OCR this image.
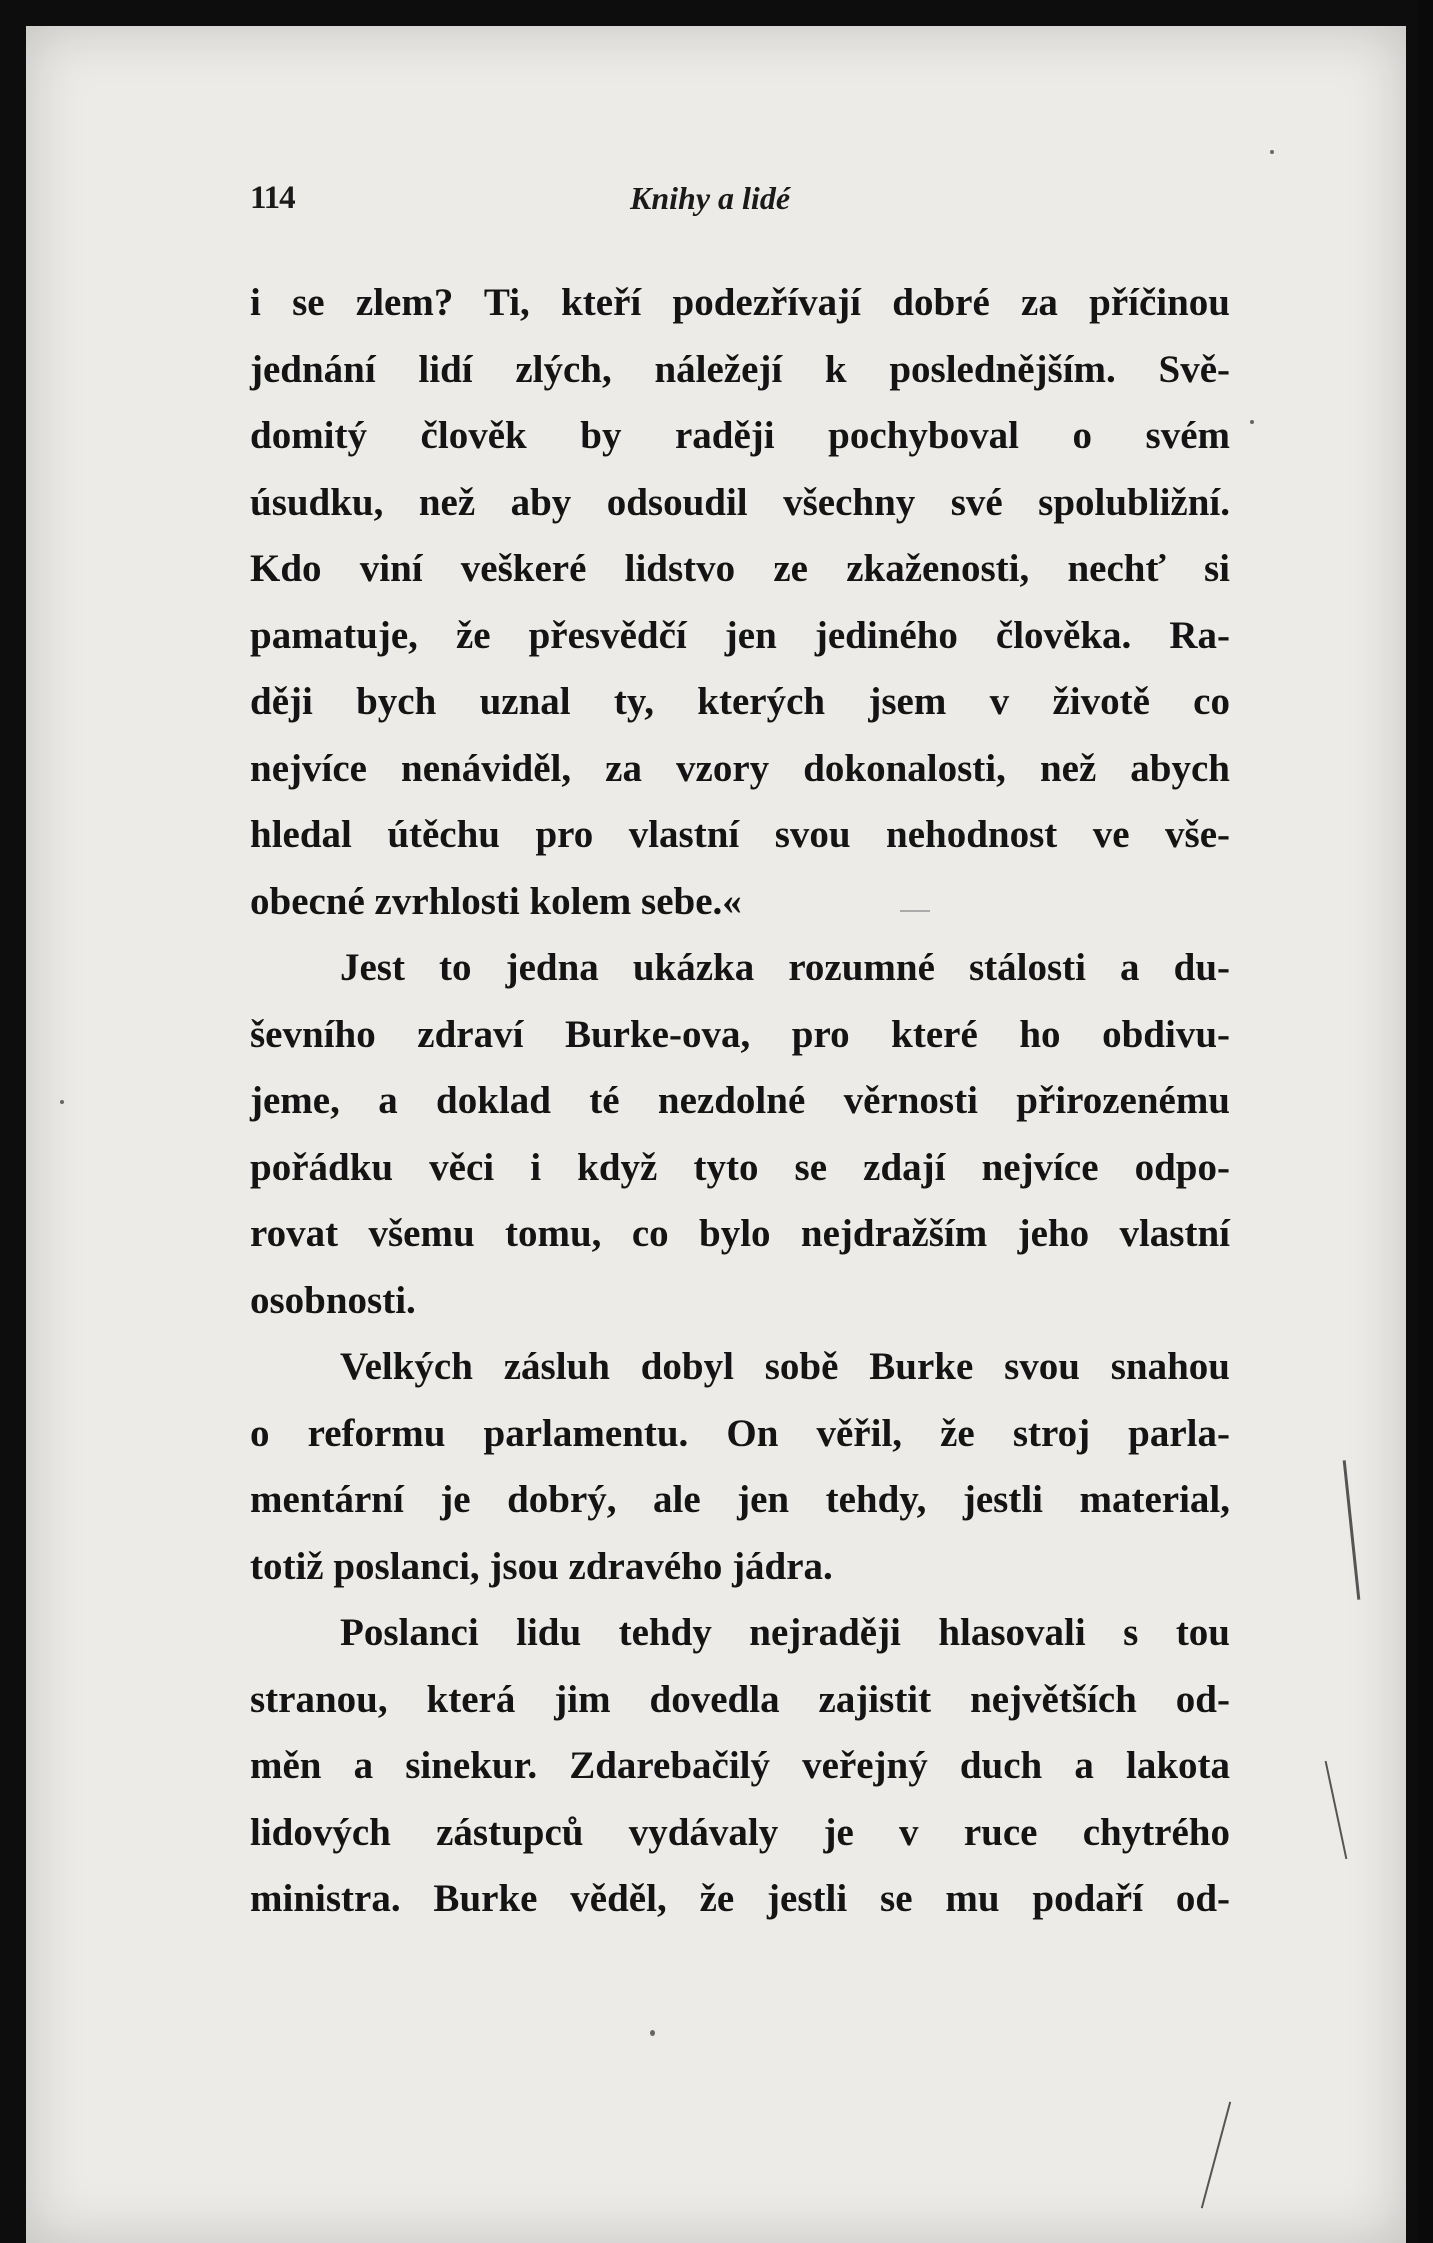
114	Knihy a lidé

i se zlem? Ti, kteří podezřívají dobré za příčinou
jednání lidí zlých, náležejí k poslednějším. Svě-
domitý člověk by raději pochyboval o svém
úsudku, než aby odsoudil všechny své spolubližní.
Kdo viní veškeré lidstvo ze zkaženosti, nechť si
pamatuje, že přesvědčí jen jediného člověka. Ra-
ději bych uznal ty, kterých jsem v životě co
nejvíce nenáviděl, za vzory dokonalosti, než abych
hledal útěchu pro vlastní svou nehodnost ve vše-
obecné zvrhlosti kolem sebe.«

Jest to jedna ukázka rozumné stálosti a du-
ševního zdraví Burke-ova, pro které ho obdivu-
jeme, a doklad té nezdolné věrnosti přirozenému
pořádku věci i když tyto se zdají nejvíce odpo-
rovat všemu tomu, co bylo nejdražším jeho vlastní
osobnosti.

Velkých zásluh dobyl sobě Burke svou snahou
o reformu parlamentu. On věřil, že stroj parla-
mentární je dobrý, ale jen tehdy, jestli material,
totiž poslanci, jsou zdravého jádra.

Poslanci lidu tehdy nejraději hlasovali s tou
stranou, která jim dovedla zajistit největších od-
měn a sinekur. Zdarebačilý veřejný duch a lakota
lidových zástupců vydávaly je v ruce chytrého
ministra. Burke věděl, že jestli se mu podaří od-
